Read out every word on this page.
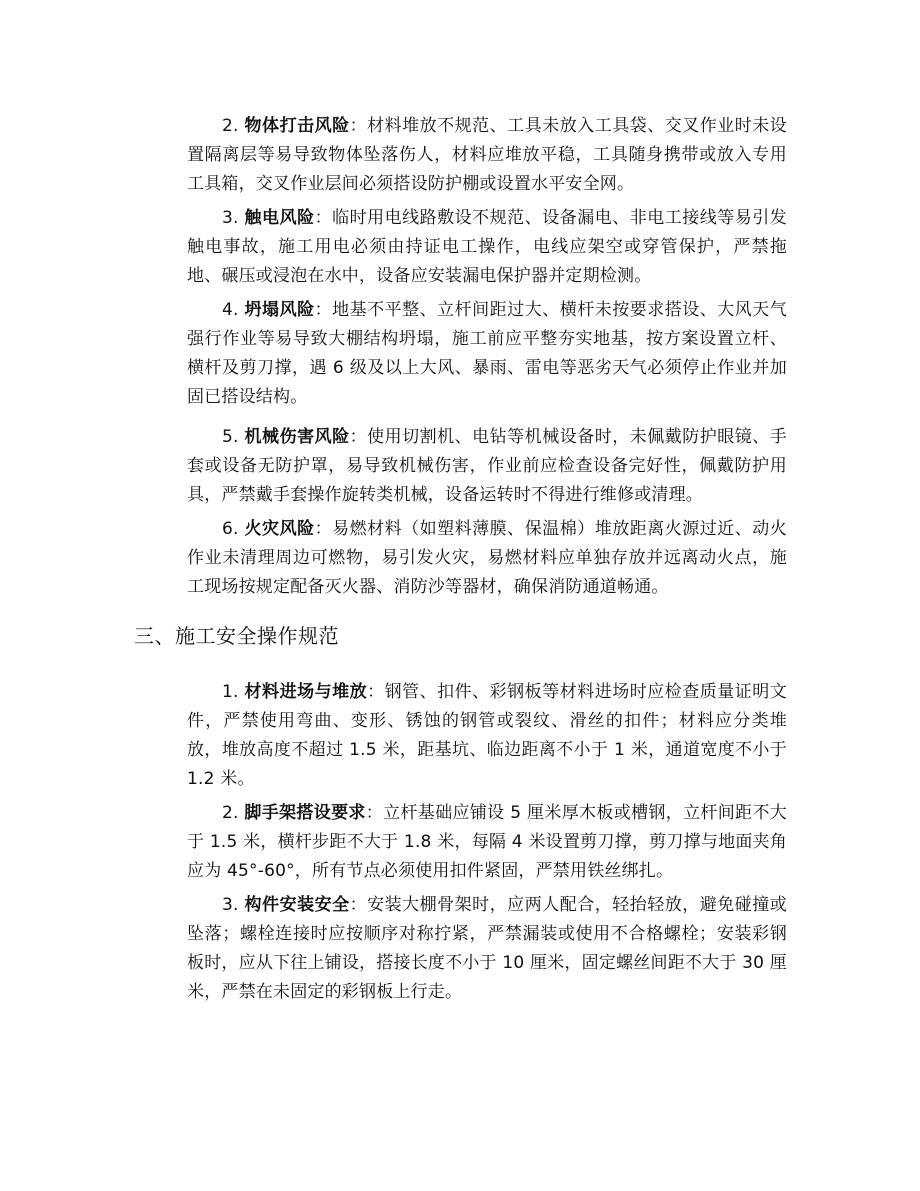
2. 物体打击风险：材料堆放不规范、工具未放入工具袋、交叉作业时未设置隔离层等易导致物体坠落伤人，材料应堆放平稳，工具随身携带或放入专用工具箱，交叉作业层间必须搭设防护棚或设置水平安全网。

3. 触电风险：临时用电线路敷设不规范、设备漏电、非电工接线等易引发触电事故，施工用电必须由持证电工操作，电线应架空或穿管保护，严禁拖地、碾压或浸泡在水中，设备应安装漏电保护器并定期检测。

4. 坍塌风险：地基不平整、立杆间距过大、横杆未按要求搭设、大风天气强行作业等易导致大棚结构坍塌，施工前应平整夯实地基，按方案设置立杆、横杆及剪刀撑，遇 6 级及以上大风、暴雨、雷电等恶劣天气必须停止作业并加固已搭设结构。

5. 机械伤害风险：使用切割机、电钻等机械设备时，未佩戴防护眼镜、手套或设备无防护罩，易导致机械伤害，作业前应检查设备完好性，佩戴防护用具，严禁戴手套操作旋转类机械，设备运转时不得进行维修或清理。

6. 火灾风险：易燃材料（如塑料薄膜、保温棉）堆放距离火源过近、动火作业未清理周边可燃物，易引发火灾，易燃材料应单独存放并远离动火点，施工现场按规定配备灭火器、消防沙等器材，确保消防通道畅通。

三、施工安全操作规范

1. 材料进场与堆放：钢管、扣件、彩钢板等材料进场时应检查质量证明文件，严禁使用弯曲、变形、锈蚀的钢管或裂纹、滑丝的扣件；材料应分类堆放，堆放高度不超过 1.5 米，距基坑、临边距离不小于 1 米，通道宽度不小于 1.2 米。

2. 脚手架搭设要求：立杆基础应铺设 5 厘米厚木板或槽钢，立杆间距不大于 1.5 米，横杆步距不大于 1.8 米，每隔 4 米设置剪刀撑，剪刀撑与地面夹角应为 45°-60°，所有节点必须使用扣件紧固，严禁用铁丝绑扎。

3. 构件安装安全：安装大棚骨架时，应两人配合，轻抬轻放，避免碰撞或坠落；螺栓连接时应按顺序对称拧紧，严禁漏装或使用不合格螺栓；安装彩钢板时，应从下往上铺设，搭接长度不小于 10 厘米，固定螺丝间距不大于 30 厘米，严禁在未固定的彩钢板上行走。
